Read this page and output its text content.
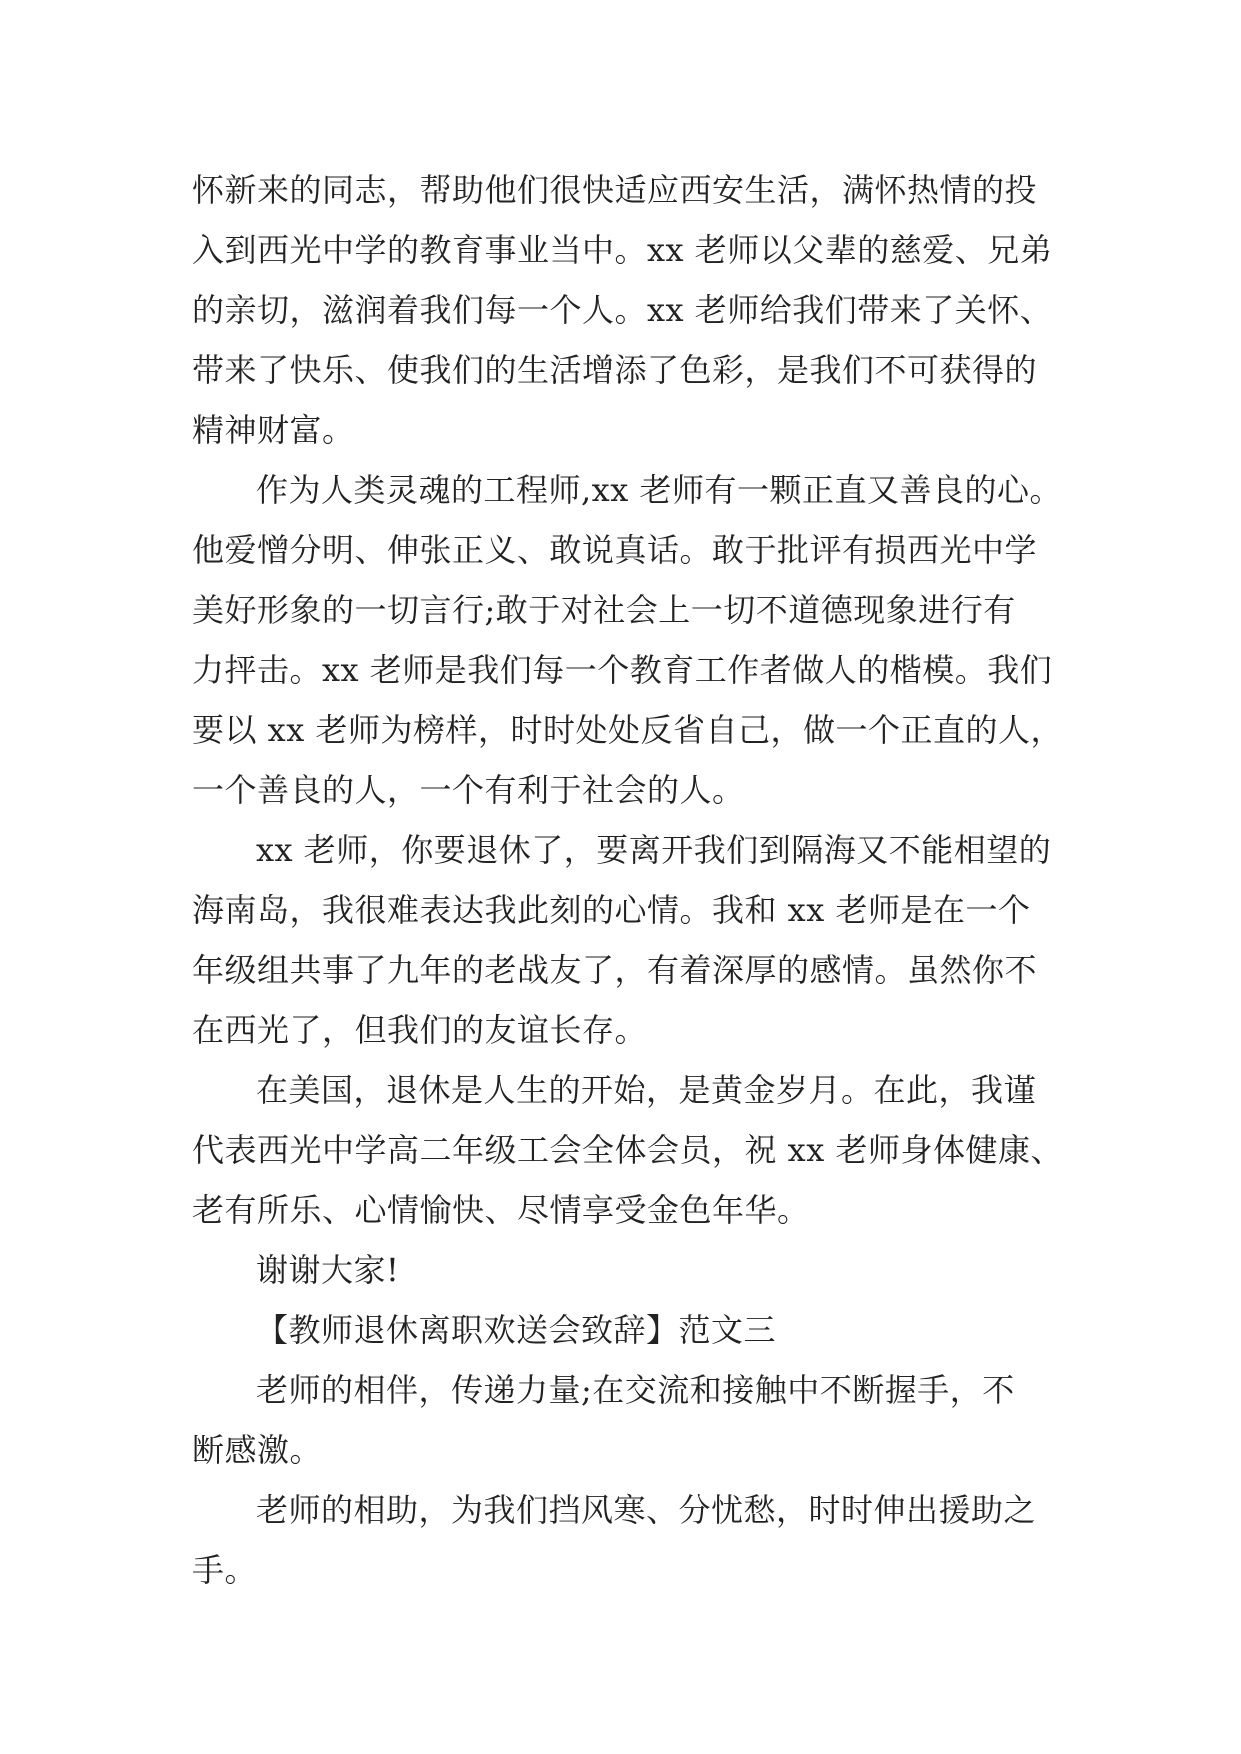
怀新来的同志，帮助他们很快适应西安生活，满怀热情的投
入到西光中学的教育事业当中。xx 老师以父辈的慈爱、兄弟
的亲切，滋润着我们每一个人。xx 老师给我们带来了关怀、
带来了快乐、使我们的生活增添了色彩，是我们不可获得的
精神财富。
作为人类灵魂的工程师,xx 老师有一颗正直又善良的心。
他爱憎分明、伸张正义、敢说真话。敢于批评有损西光中学
美好形象的一切言行;敢于对社会上一切不道德现象进行有
力抨击。xx 老师是我们每一个教育工作者做人的楷模。我们
要以 xx 老师为榜样，时时处处反省自己，做一个正直的人，
一个善良的人，一个有利于社会的人。
xx 老师，你要退休了，要离开我们到隔海又不能相望的
海南岛，我很难表达我此刻的心情。我和 xx 老师是在一个
年级组共事了九年的老战友了，有着深厚的感情。虽然你不
在西光了，但我们的友谊长存。
在美国，退休是人生的开始，是黄金岁月。在此，我谨
代表西光中学高二年级工会全体会员，祝 xx 老师身体健康、
老有所乐、心情愉快、尽情享受金色年华。
谢谢大家!
【教师退休离职欢送会致辞】范文三
老师的相伴，传递力量;在交流和接触中不断握手，不
断感激。
老师的相助，为我们挡风寒、分忧愁，时时伸出援助之
手。
